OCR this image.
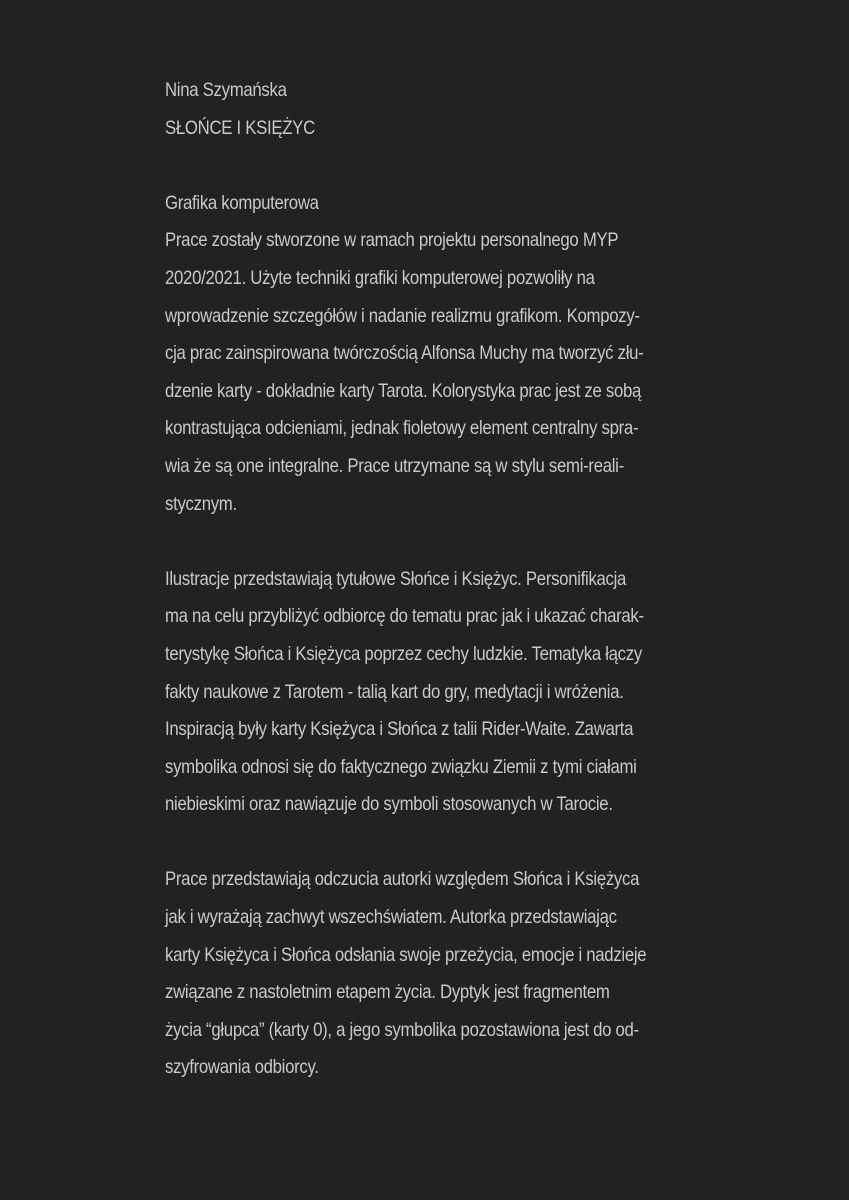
Nina Szymańska
SŁOŃCE I KSIĘŻYC
Grafika komputerowa
Prace zostały stworzone w ramach projektu personalnego MYP
2020/2021. Użyte techniki grafiki komputerowej pozwoliły na
wprowadzenie szczegółów i nadanie realizmu grafikom. Kompozy-
cja prac zainspirowana twórczością Alfonsa Muchy ma tworzyć złu-
dzenie karty - dokładnie karty Tarota. Kolorystyka prac jest ze sobą
kontrastująca odcieniami, jednak fioletowy element centralny spra-
wia że są one integralne. Prace utrzymane są w stylu semi-reali-
stycznym.
Ilustracje przedstawiają tytułowe Słońce i Księżyc. Personifikacja
ma na celu przybliżyć odbiorcę do tematu prac jak i ukazać charak-
terystykę Słońca i Księżyca poprzez cechy ludzkie. Tematyka łączy
fakty naukowe z Tarotem - talią kart do gry, medytacji i wróżenia.
Inspiracją były karty Księżyca i Słońca z talii Rider-Waite. Zawarta
symbolika odnosi się do faktycznego związku Ziemii z tymi ciałami
niebieskimi oraz nawiązuje do symboli stosowanych w Tarocie.
Prace przedstawiają odczucia autorki względem Słońca i Księżyca
jak i wyrażają zachwyt wszechświatem. Autorka przedstawiając
karty Księżyca i Słońca odsłania swoje przeżycia, emocje i nadzieje
związane z nastoletnim etapem życia. Dyptyk jest fragmentem
życia “głupca” (karty 0), a jego symbolika pozostawiona jest do od-
szyfrowania odbiorcy.
